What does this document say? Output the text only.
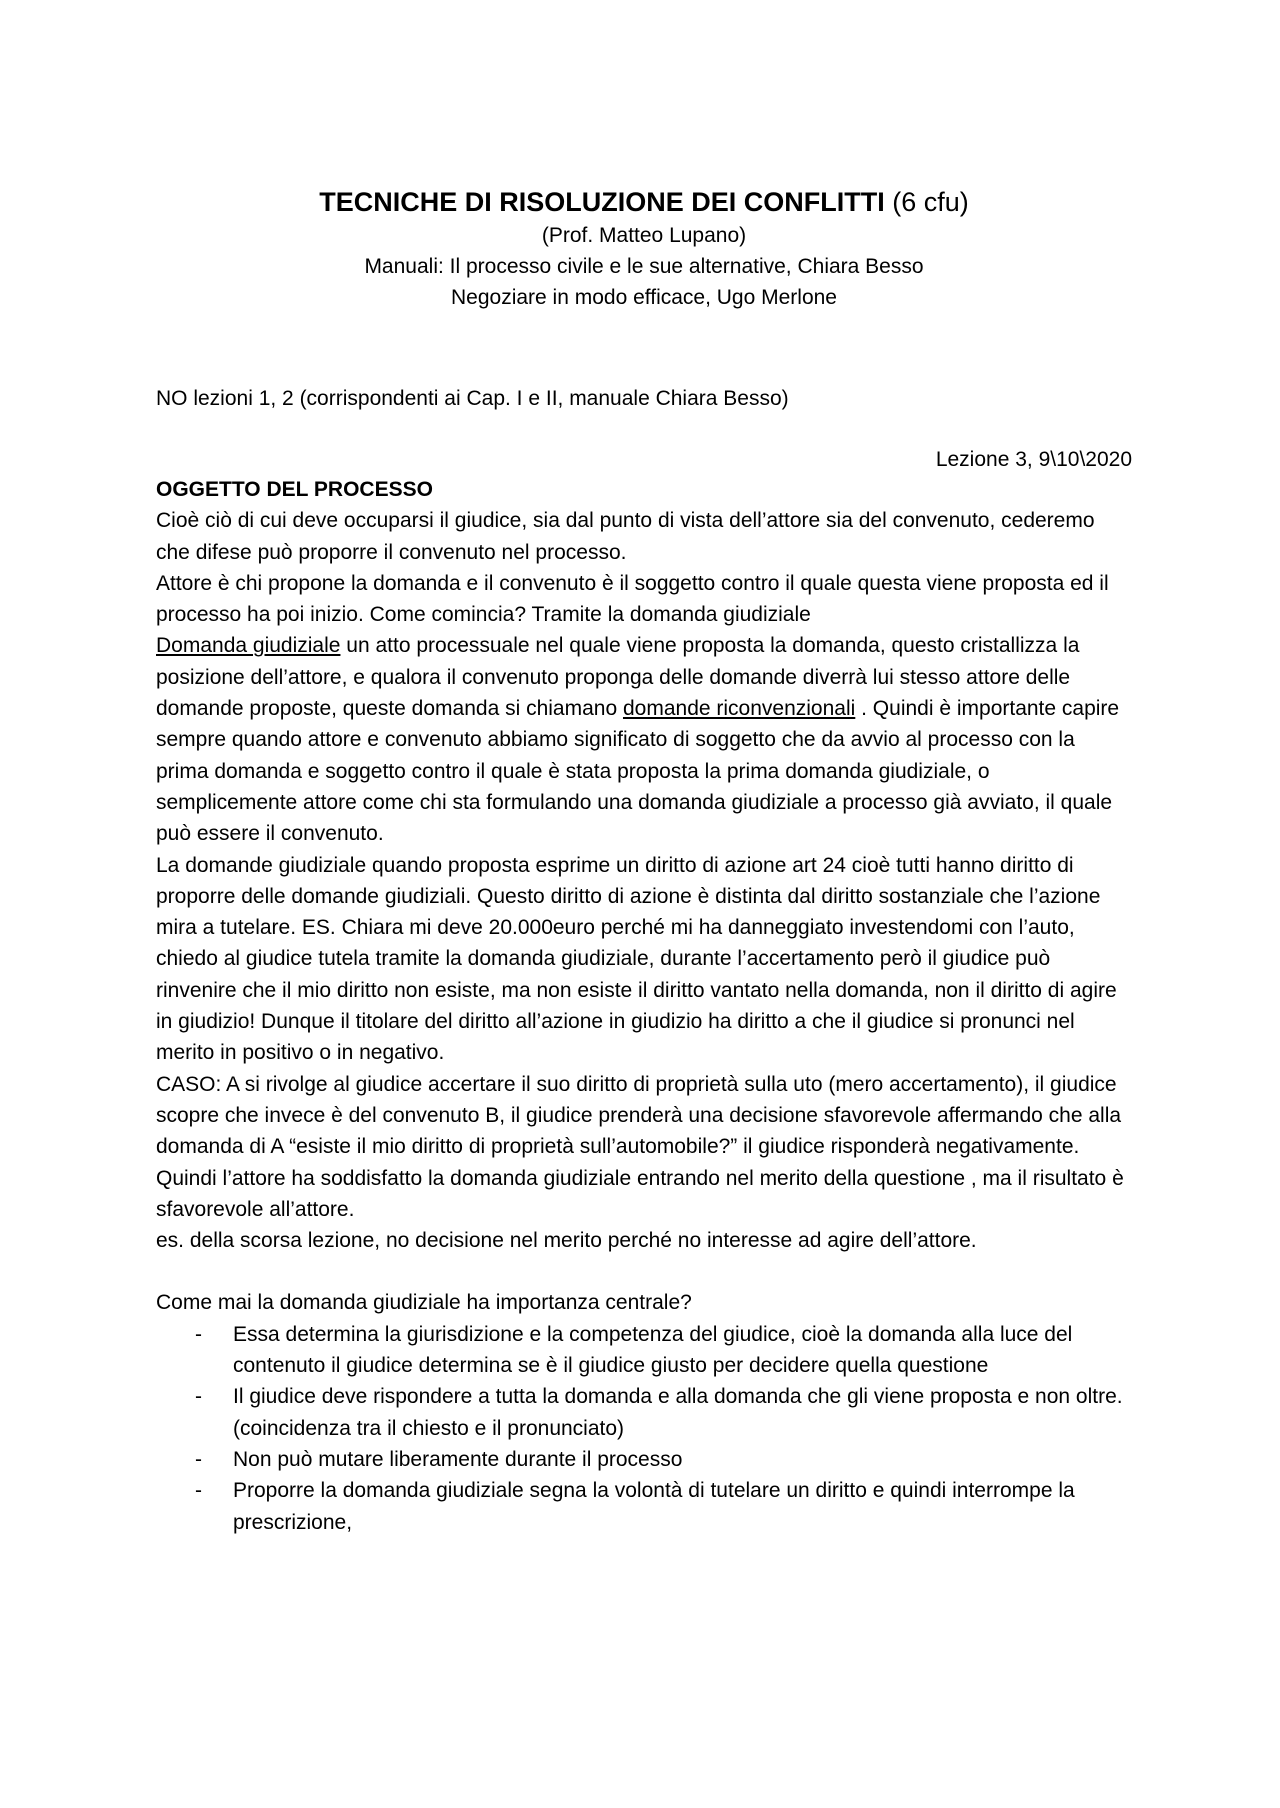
TECNICHE DI RISOLUZIONE DEI CONFLITTI (6 cfu)

(Prof. Matteo Lupano)

Manuali: Il processo civile e le sue alternative, Chiara Besso

Negoziare in modo efficace, Ugo Merlone

NO lezioni 1, 2 (corrispondenti ai Cap. I e II, manuale Chiara Besso)

Lezione 3, 9\10\2020

OGGETTO DEL PROCESSO

Cioè ciò di cui deve occuparsi il giudice, sia dal punto di vista dell’attore sia del convenuto, cederemo che difese può proporre il convenuto nel processo.

Attore è chi propone la domanda e il convenuto è il soggetto contro il quale questa viene proposta ed il processo ha poi inizio. Come comincia? Tramite la domanda giudiziale

Domanda giudiziale un atto processuale nel quale viene proposta la domanda, questo cristallizza la posizione dell’attore, e qualora il convenuto proponga delle domande diverrà lui stesso attore delle domande proposte, queste domanda si chiamano domande riconvenzionali . Quindi è importante capire sempre quando attore e convenuto abbiamo significato di soggetto che da avvio al processo con la prima domanda e soggetto contro il quale è stata proposta la prima domanda giudiziale, o semplicemente attore come chi sta formulando una domanda giudiziale a processo già avviato, il quale può essere il convenuto.

La domande giudiziale quando proposta esprime un diritto di azione art 24 cioè tutti hanno diritto di proporre delle domande giudiziali. Questo diritto di azione è distinta dal diritto sostanziale che l’azione mira a tutelare. ES. Chiara mi deve 20.000euro perché mi ha danneggiato investendomi con l’auto, chiedo al giudice tutela tramite la domanda giudiziale, durante l’accertamento però il giudice può rinvenire che il mio diritto non esiste, ma non esiste il diritto vantato nella domanda, non il diritto di agire in giudizio! Dunque il titolare del diritto all’azione in giudizio ha diritto a che il giudice si pronunci nel merito in positivo o in negativo.

CASO: A si rivolge al giudice accertare il suo diritto di proprietà sulla uto (mero accertamento), il giudice scopre che invece è del convenuto B, il giudice prenderà una decisione sfavorevole affermando che alla domanda di A “esiste il mio diritto di proprietà sull’automobile?” il giudice risponderà negativamente. Quindi l’attore ha soddisfatto la domanda giudiziale entrando nel merito della questione , ma il risultato è sfavorevole all’attore.

es. della scorsa lezione, no decisione nel merito perché no interesse ad agire dell’attore.

Come mai la domanda giudiziale ha importanza centrale?

- Essa determina la giurisdizione e la competenza del giudice, cioè la domanda alla luce del contenuto il giudice determina se è il giudice giusto per decidere quella questione
- Il giudice deve rispondere a tutta la domanda e alla domanda che gli viene proposta e non oltre. (coincidenza tra il chiesto e il pronunciato)
- Non può mutare liberamente durante il processo
- Proporre la domanda giudiziale segna la volontà di tutelare un diritto e quindi interrompe la prescrizione,
